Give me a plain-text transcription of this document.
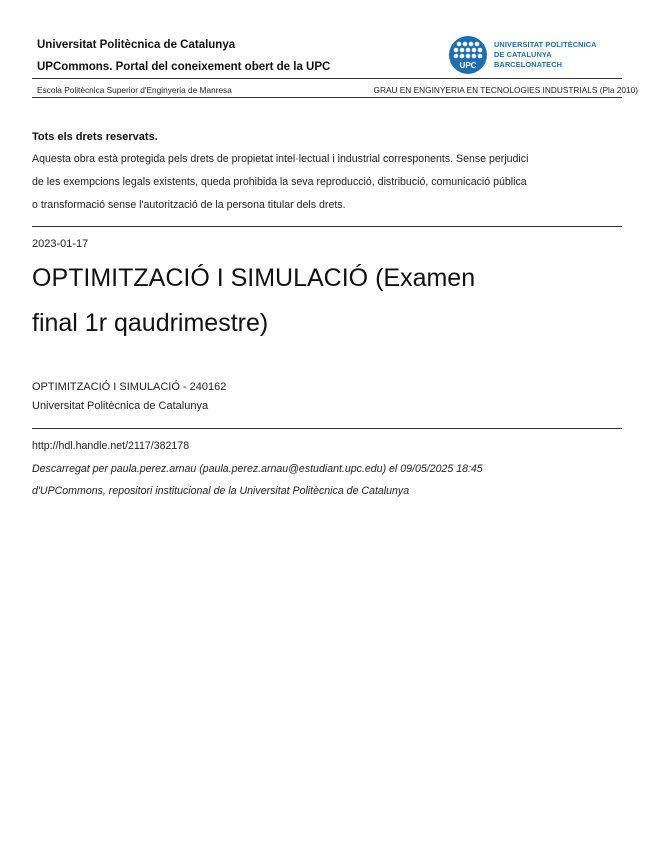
Universitat Politècnica de Catalunya
UPCommons. Portal del coneixement obert de la UPC	UPC
UNIVERSITAT POLITÈCNICA
DE CATALUNYA
BARCELONATECH
Escola Politècnica Superior d'Enginyeria de Manresa	GRAU EN ENGINYERIA EN TECNOLOGIES INDUSTRIALS (Pla 2010)
Tots els drets reservats.
Aquesta obra està protegida pels drets de propietat intel·lectual i industrial corresponents. Sense perjudici
de les exempcions legals existents, queda prohibida la seva reproducció, distribució, comunicació pública
o transformació sense l'autorització de la persona titular dels drets.
2023-01-17
OPTIMITZACIÓ I SIMULACIÓ (Examen
final 1r qaudrimestre)
OPTIMITZACIÓ I SIMULACIÓ - 240162
Universitat Politècnica de Catalunya
http://hdl.handle.net/2117/382178
Descarregat per paula.perez.arnau (paula.perez.arnau@estudiant.upc.edu) el 09/05/2025 18:45
d'UPCommons, repositori institucional de la Universitat Politècnica de Catalunya
